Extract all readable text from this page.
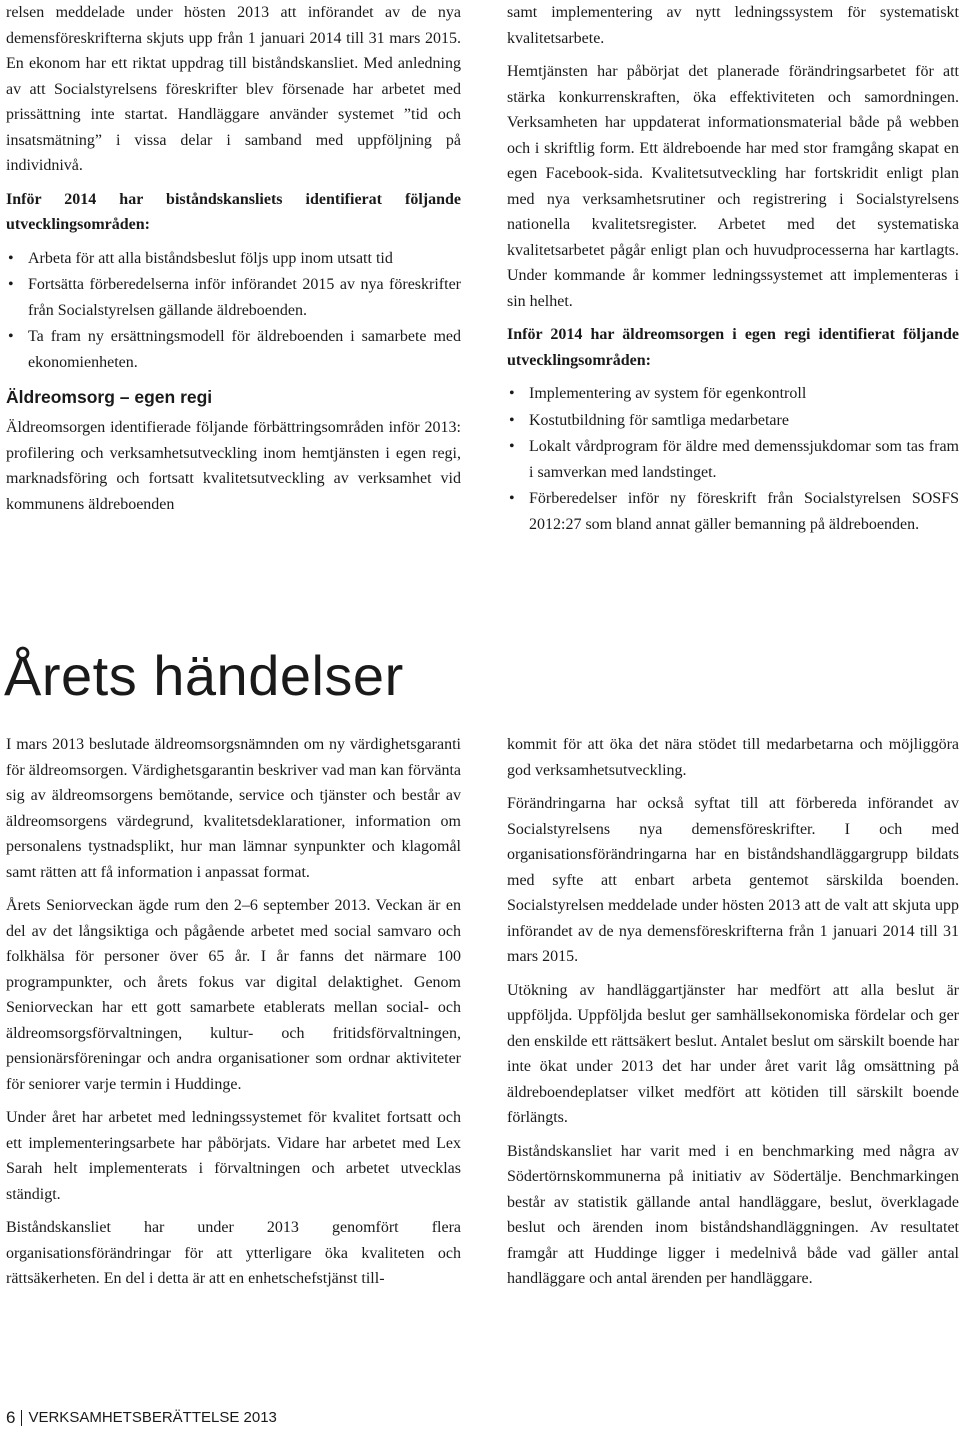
relsen meddelade under hösten 2013 att införandet av de nya demensföreskrifterna skjuts upp från 1 januari 2014 till 31 mars 2015. En ekonom har ett riktat uppdrag till biståndskansliet. Med anledning av att Socialstyrelsens föreskrifter blev försenade har arbetet med prissättning inte startat. Handläggare använder systemet ”tid och insatsmätning” i vissa delar i samband med uppföljning på individnivå.

Inför 2014 har biståndskansliets identifierat följande utvecklingsområden:

• Arbeta för att alla biståndsbeslut följs upp inom utsatt tid
• Fortsätta förberedelserna inför införandet 2015 av nya föreskrifter från Socialstyrelsen gällande äldreboenden.
• Ta fram ny ersättningsmodell för äldreboenden i samarbete med ekonomienheten.
Äldreomsorg – egen regi

Äldreomsorgen identifierade följande förbättringsområden inför 2013: profilering och verksamhetsutveckling inom hemtjänsten i egen regi, marknadsföring och fortsatt kvalitetsutveckling av verksamhet vid kommunens äldreboenden

samt implementering av nytt ledningssystem för systematiskt kvalitetsarbete.

Hemtjänsten har påbörjat det planerade förändringsarbetet för att stärka konkurrenskraften, öka effektiviteten och samordningen. Verksamheten har uppdaterat informationsmaterial både på webben och i skriftlig form. Ett äldreboende har med stor framgång skapat en egen Facebook-sida. Kvalitetsutveckling har fortskridit enligt plan med nya verksamhetsrutiner och registrering i Socialstyrelsens nationella kvalitetsregister. Arbetet med det systematiska kvalitetsarbetet pågår enligt plan och huvudprocesserna har kartlagts. Under kommande år kommer ledningssystemet att implementeras i sin helhet.

Inför 2014 har äldreomsorgen i egen regi identifierat följande utvecklingsområden:

• Implementering av system för egenkontroll
• Kostutbildning för samtliga medarbetare
• Lokalt vårdprogram för äldre med demenssjukdomar som tas fram i samverkan med landstinget.
• Förberedelser inför ny föreskrift från Socialstyrelsen SOSFS 2012:27 som bland annat gäller bemanning på äldreboenden.
Årets händelser

I mars 2013 beslutade äldreomsorgsnämnden om ny värdighetsgaranti för äldreomsorgen. Värdighetsgarantin beskriver vad man kan förvänta sig av äldreomsorgens bemötande, service och tjänster och består av äldreomsorgens värdegrund, kvalitetsdeklarationer, information om personalens tystnadsplikt, hur man lämnar synpunkter och klagomål samt rätten att få information i anpassat format.

Årets Seniorveckan ägde rum den 2–6 september 2013. Veckan är en del av det långsiktiga och pågående arbetet med social samvaro och folkhälsa för personer över 65 år. I år fanns det närmare 100 programpunkter, och årets fokus var digital delaktighet. Genom Seniorveckan har ett gott samarbete etablerats mellan social- och äldreomsorgsförvaltningen, kultur- och fritidsförvaltningen, pensionärsföreningar och andra organisationer som ordnar aktiviteter för seniorer varje termin i Huddinge.

Under året har arbetet med ledningssystemet för kvalitet fortsatt och ett implementeringsarbete har påbörjats. Vidare har arbetet med Lex Sarah helt implementerats i förvaltningen och arbetet utvecklas ständigt.

Biståndskansliet har under 2013 genomfört flera organisationsförändringar för att ytterligare öka kvaliteten och rättsäkerheten. En del i detta är att en enhetschefstjänst till-

kommit för att öka det nära stödet till medarbetarna och möjliggöra god verksamhetsutveckling.

Förändringarna har också syftat till att förbereda införandet av Socialstyrelsens nya demensföreskrifter. I och med organisationsförändringarna har en biståndshandläggargrupp bildats med syfte att enbart arbeta gentemot särskilda boenden. Socialstyrelsen meddelade under hösten 2013 att de valt att skjuta upp införandet av de nya demensföreskrifterna från 1 januari 2014 till 31 mars 2015.

Utökning av handläggartjänster har medfört att alla beslut är uppföljda. Uppföljda beslut ger samhällsekonomiska fördelar och ger den enskilde ett rättsäkert beslut. Antalet beslut om särskilt boende har inte ökat under 2013 det har under året varit låg omsättning på äldreboendeplatser vilket medfört att kötiden till särskilt boende förlängts.

Biståndskansliet har varit med i en benchmarking med några av Södertörnskommunerna på initiativ av Södertälje. Benchmarkingen består av statistik gällande antal handläggare, beslut, överklagade beslut och ärenden inom biståndshandläggningen. Av resultatet framgår att Huddinge ligger i medelnivå både vad gäller antal handläggare och antal ärenden per handläggare.

6 VERKSAMHETSBERÄTTELSE 2013
